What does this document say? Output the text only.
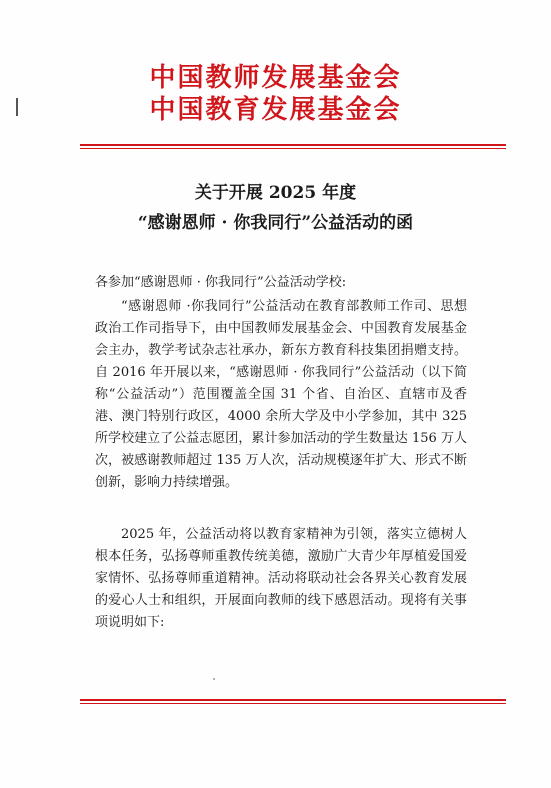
中国教师发展基金会
中国教育发展基金会
关于开展 2025 年度
“感谢恩师 · 你我同行”公益活动的函
各参加“感谢恩师 · 你我同行”公益活动学校:
“感谢恩师 ·你我同行”公益活动在教育部教师工作司、思想政治工作司指导下，由中国教师发展基金会、中国教育发展基金会主办，教学考试杂志社承办，新东方教育科技集团捐赠支持。自 2016 年开展以来，“感谢恩师 · 你我同行”公益活动（以下简称“公益活动”）范围覆盖全国 31 个省、自治区、直辖市及香港、澳门特别行政区，4000 余所大学及中小学参加，其中 325 所学校建立了公益志愿团，累计参加活动的学生数量达 156 万人次，被感谢教师超过 135 万人次，活动规模逐年扩大、形式不断创新，影响力持续增强。
2025 年，公益活动将以教育家精神为引领，落实立德树人根本任务，弘扬尊师重教传统美德，激励广大青少年厚植爱国爱家情怀、弘扬尊师重道精神。活动将联动社会各界关心教育发展的爱心人士和组织，开展面向教师的线下感恩活动。现将有关事项说明如下:
